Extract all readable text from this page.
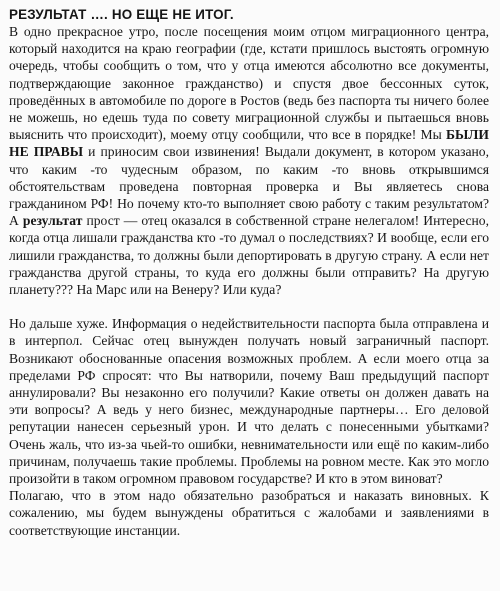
РЕЗУЛЬТАТ …. НО ЕЩЕ НЕ ИТОГ.

В одно прекрасное утро, после посещения моим отцом миграционного центра, который находится на краю географии (где, кстати пришлось выстоять огромную очередь, чтобы сообщить о том, что у отца имеются абсолютно все документы, подтверждающие законное гражданство) и спустя двое бессонных суток, проведённых в автомобиле по дороге в Ростов (ведь без паспорта ты ничего более не можешь, но едешь туда по совету миграционной службы и пытаешься вновь выяснить что происходит), моему отцу сообщили, что все в порядке! Мы БЫЛИ НЕ ПРАВЫ и приносим свои извинения! Выдали документ, в котором указано, что каким -то чудесным образом, по каким -то вновь открывшимся обстоятельствам проведена повторная проверка и Вы являетесь снова гражданином РФ! Но почему кто-то выполняет свою работу с таким результатом? А результат прост — отец оказался в собственной стране нелегалом! Интересно, когда отца лишали гражданства кто -то думал о последствиях? И вообще, если его лишили гражданства, то должны были депортировать в другую страну. А если нет гражданства другой страны, то куда его должны были отправить? На другую планету??? На Марс или на Венеру? Или куда?

Но дальше хуже. Информация о недействительности паспорта была отправлена и в интерпол. Сейчас отец вынужден получать новый заграничный паспорт. Возникают обоснованные опасения возможных проблем. А если моего отца за пределами РФ спросят: что Вы натворили, почему Ваш предыдущий паспорт аннулировали? Вы незаконно его получили? Какие ответы он должен давать на эти вопросы? А ведь у него бизнес, международные партнеры… Его деловой репутации нанесен серьезный урон. И что делать с понесенными убытками? Очень жаль, что из-за чьей-то ошибки, невнимательности или ещё по каким-либо причинам, получаешь такие проблемы. Проблемы на ровном месте. Как это могло произойти в таком огромном правовом государстве? И кто в этом виноват?

Полагаю, что в этом надо обязательно разобраться и наказать виновных. К сожалению, мы будем вынуждены обратиться с жалобами и заявлениями в соответствующие инстанции.
